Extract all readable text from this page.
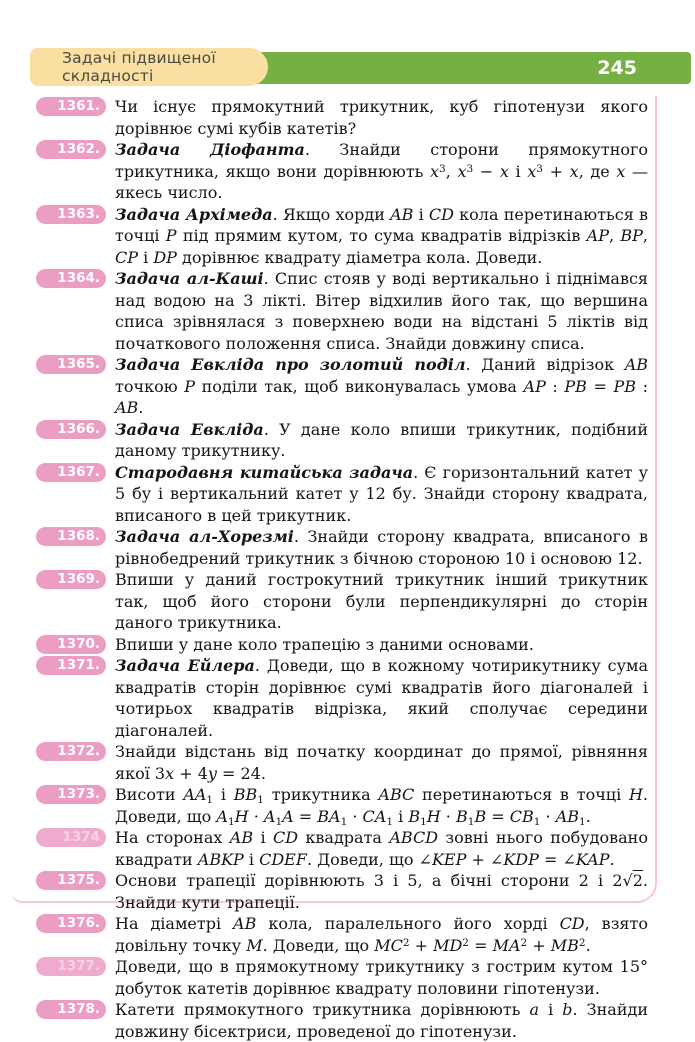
Задачі підвищеної складності	245
1361. Чи існує прямокутний трикутник, куб гіпотенузи якого дорівнює сумі кубів катетів?
1362. Задача Діофанта. Знайди сторони прямокутного трикутника, якщо вони дорівнюють $x^3$, $x^3 - x$ і $x^3 + x$, де x — якесь число.
1363. Задача Архімеда. Якщо хорди AB і CD кола перетинаються в точці P під прямим кутом, то сума квадратів відрізків AP, BP, CP і DP дорівнює квадрату діаметра кола. Доведи.
1364. Задача ал-Каші. Спис стояв у воді вертикально і піднімався над водою на 3 лікті. Вітер відхилив його так, що вершина списа зрівнялася з поверхнею води на відстані 5 ліктів від початкового положення списа. Знайди довжину списа.
1365. Задача Евкліда про золотий поділ. Даний відрізок AB точкою P поділи так, щоб виконувалась умова AP : PB = PB : AB.
1366. Задача Евкліда. У дане коло впиши трикутник, подібний даному трикутнику.
1367. Стародавня китайська задача. Є горизонтальний катет у 5 бу і вертикальний катет у 12 бу. Знайди сторону квадрата, вписаного в цей трикутник.
1368. Задача ал-Хорезмі. Знайди сторону квадрата, вписаного в рівнобедрений трикутник з бічною стороною 10 і основою 12.
1369. Впиши у даний гострокутний трикутник інший трикутник так, щоб його сторони були перпендикулярні до сторін даного трикутника.
1370. Впиши у дане коло трапецію з даними основами.
1371. Задача Ейлера. Доведи, що в кожному чотирикутнику сума квадратів сторін дорівнює сумі квадратів його діагоналей і чотирьох квадратів відрізка, який сполучає середини діагоналей.
1372. Знайди відстань від початку координат до прямої, рівняння якої 3x + 4y = 24.
1373. Висоти $AA_1$ і $BB_1$ трикутника ABC перетинаються в точці H. Доведи, що $A_1H \cdot A_1A = BA_1 \cdot CA_1$ і $B_1H \cdot B_1B = CB_1 \cdot AB_1$.
1374 На сторонах AB і CD квадрата ABCD зовні нього побудовано квадрати ABKP і CDEF. Доведи, що ∠KEP + ∠KDP = ∠KAP.
1375. Основи трапеції дорівнюють 3 і 5, а бічні сторони 2 і 2√2. Знайди кути трапеції.
1376. На діаметрі AB кола, паралельного його хорді CD, взято довільну точку M. Доведи, що $MC^2 + MD^2 = MA^2 + MB^2$.
1377. Доведи, що в прямокутному трикутнику з гострим кутом 15° добуток катетів дорівнює квадрату половини гіпотенузи.
1378. Катети прямокутного трикутника дорівнюють a і b. Знайди довжину бісектриси, проведеної до гіпотенузи.
